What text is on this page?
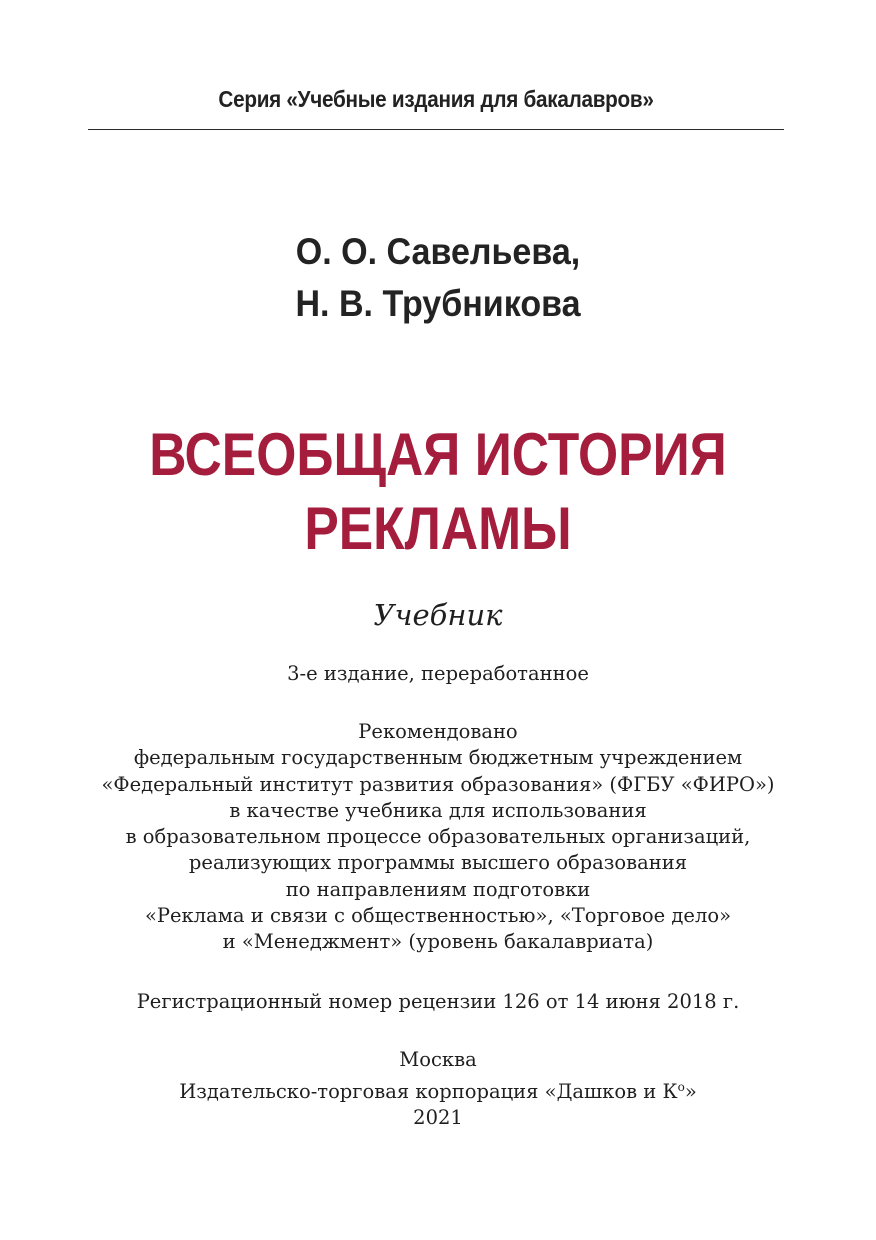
Серия «Учебные издания для бакалавров»
О. О. Савельева,
Н. В. Трубникова
ВСЕОБЩАЯ ИСТОРИЯ
РЕКЛАМЫ
Учебник
3-е издание, переработанное
Рекомендовано
федеральным государственным бюджетным учреждением
«Федеральный институт развития образования» (ФГБУ «ФИРО»)
в качестве учебника для использования
в образовательном процессе образовательных организаций,
реализующих программы высшего образования
по направлениям подготовки
«Реклама и связи с общественностью», «Торговое дело»
и «Менеджмент» (уровень бакалавриата)
Регистрационный номер рецензии 126 от 14 июня 2018 г.
Москва
Издательско-торговая корпорация «Дашков и $К^о$»
2021
